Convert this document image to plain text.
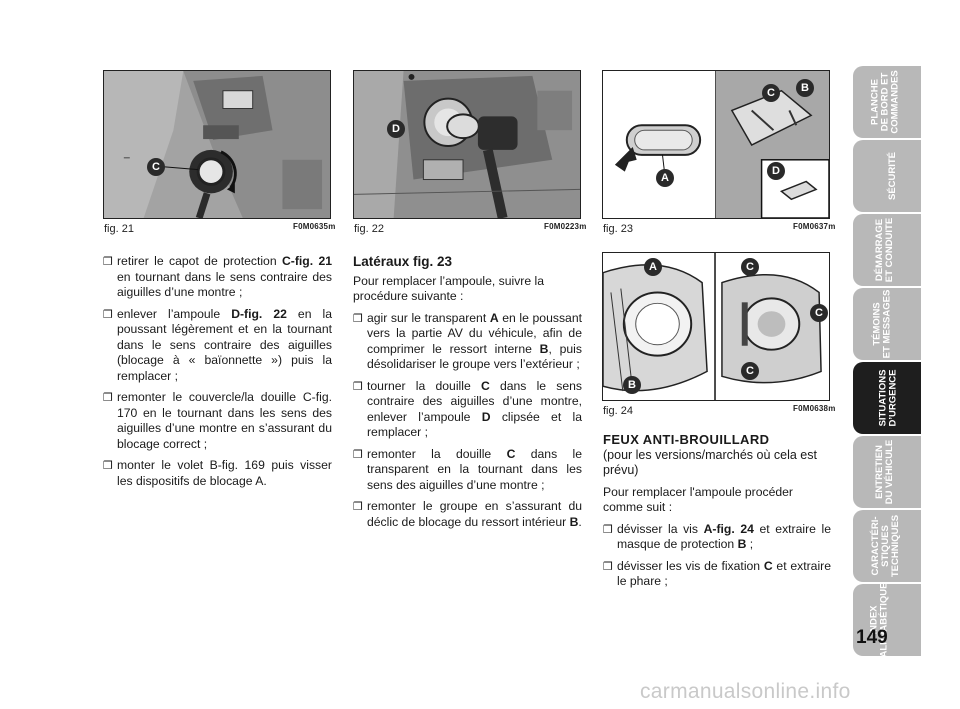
C
fig. 21	F0M0635m
D
fig. 22	F0M0223m
C	B
A
D
fig. 23	F0M0637m
A	C
C
C
B
fig. 24	F0M0638m
❒ retirer le capot de protection C-fig. 21 en tournant dans le sens contraire des aiguilles d’une montre ;
❒ enlever l’ampoule D-fig. 22 en la poussant légèrement et en la tournant dans le sens contraire des aiguilles (blocage à « baïonnette ») puis la remplacer ;
❒ remonter le couvercle/la douille C-fig. 170 en le tournant dans les sens des aiguilles d’une montre en s’assurant du blocage correct ;
❒ monter le volet B-fig. 169 puis visser les dispositifs de blocage A.
Latéraux fig. 23

Pour remplacer l’ampoule, suivre la procédure suivante :

❒ agir sur le transparent A en le poussant vers la partie AV du véhicule, afin de comprimer le ressort interne B, puis désolidariser le groupe vers l’extérieur ;
❒ tourner la douille C dans le sens contraire des aiguilles d’une montre, enlever l’ampoule D clipsée et la remplacer ;
❒ remonter la douille C dans le transparent en la tournant dans les sens des aiguilles d’une montre ;
❒ remonter le groupe en s’assurant du déclic de blocage du ressort intérieur B.
FEUX ANTI-BROUILLARD

(pour les versions/marchés où cela est prévu)

Pour remplacer l'ampoule procéder comme suit :

❒ dévisser la vis A-fig. 24 et extraire le masque de protection B ;
❒ dévisser les vis de fixation C et extraire le phare ;
PLANCHE
DE BORD ET
COMMANDES
SÉCURITÉ
DÉMARRAGE
ET CONDUITE
TÉMOINS
ET MESSAGES
SITUATIONS
D’URGENCE
ENTRETIEN
DU VÉHICULE
CARACTÉRI-
STIQUES
TECHNIQUES
INDEX
ALPHABÉTIQUE
149
carmanualsonline.info
